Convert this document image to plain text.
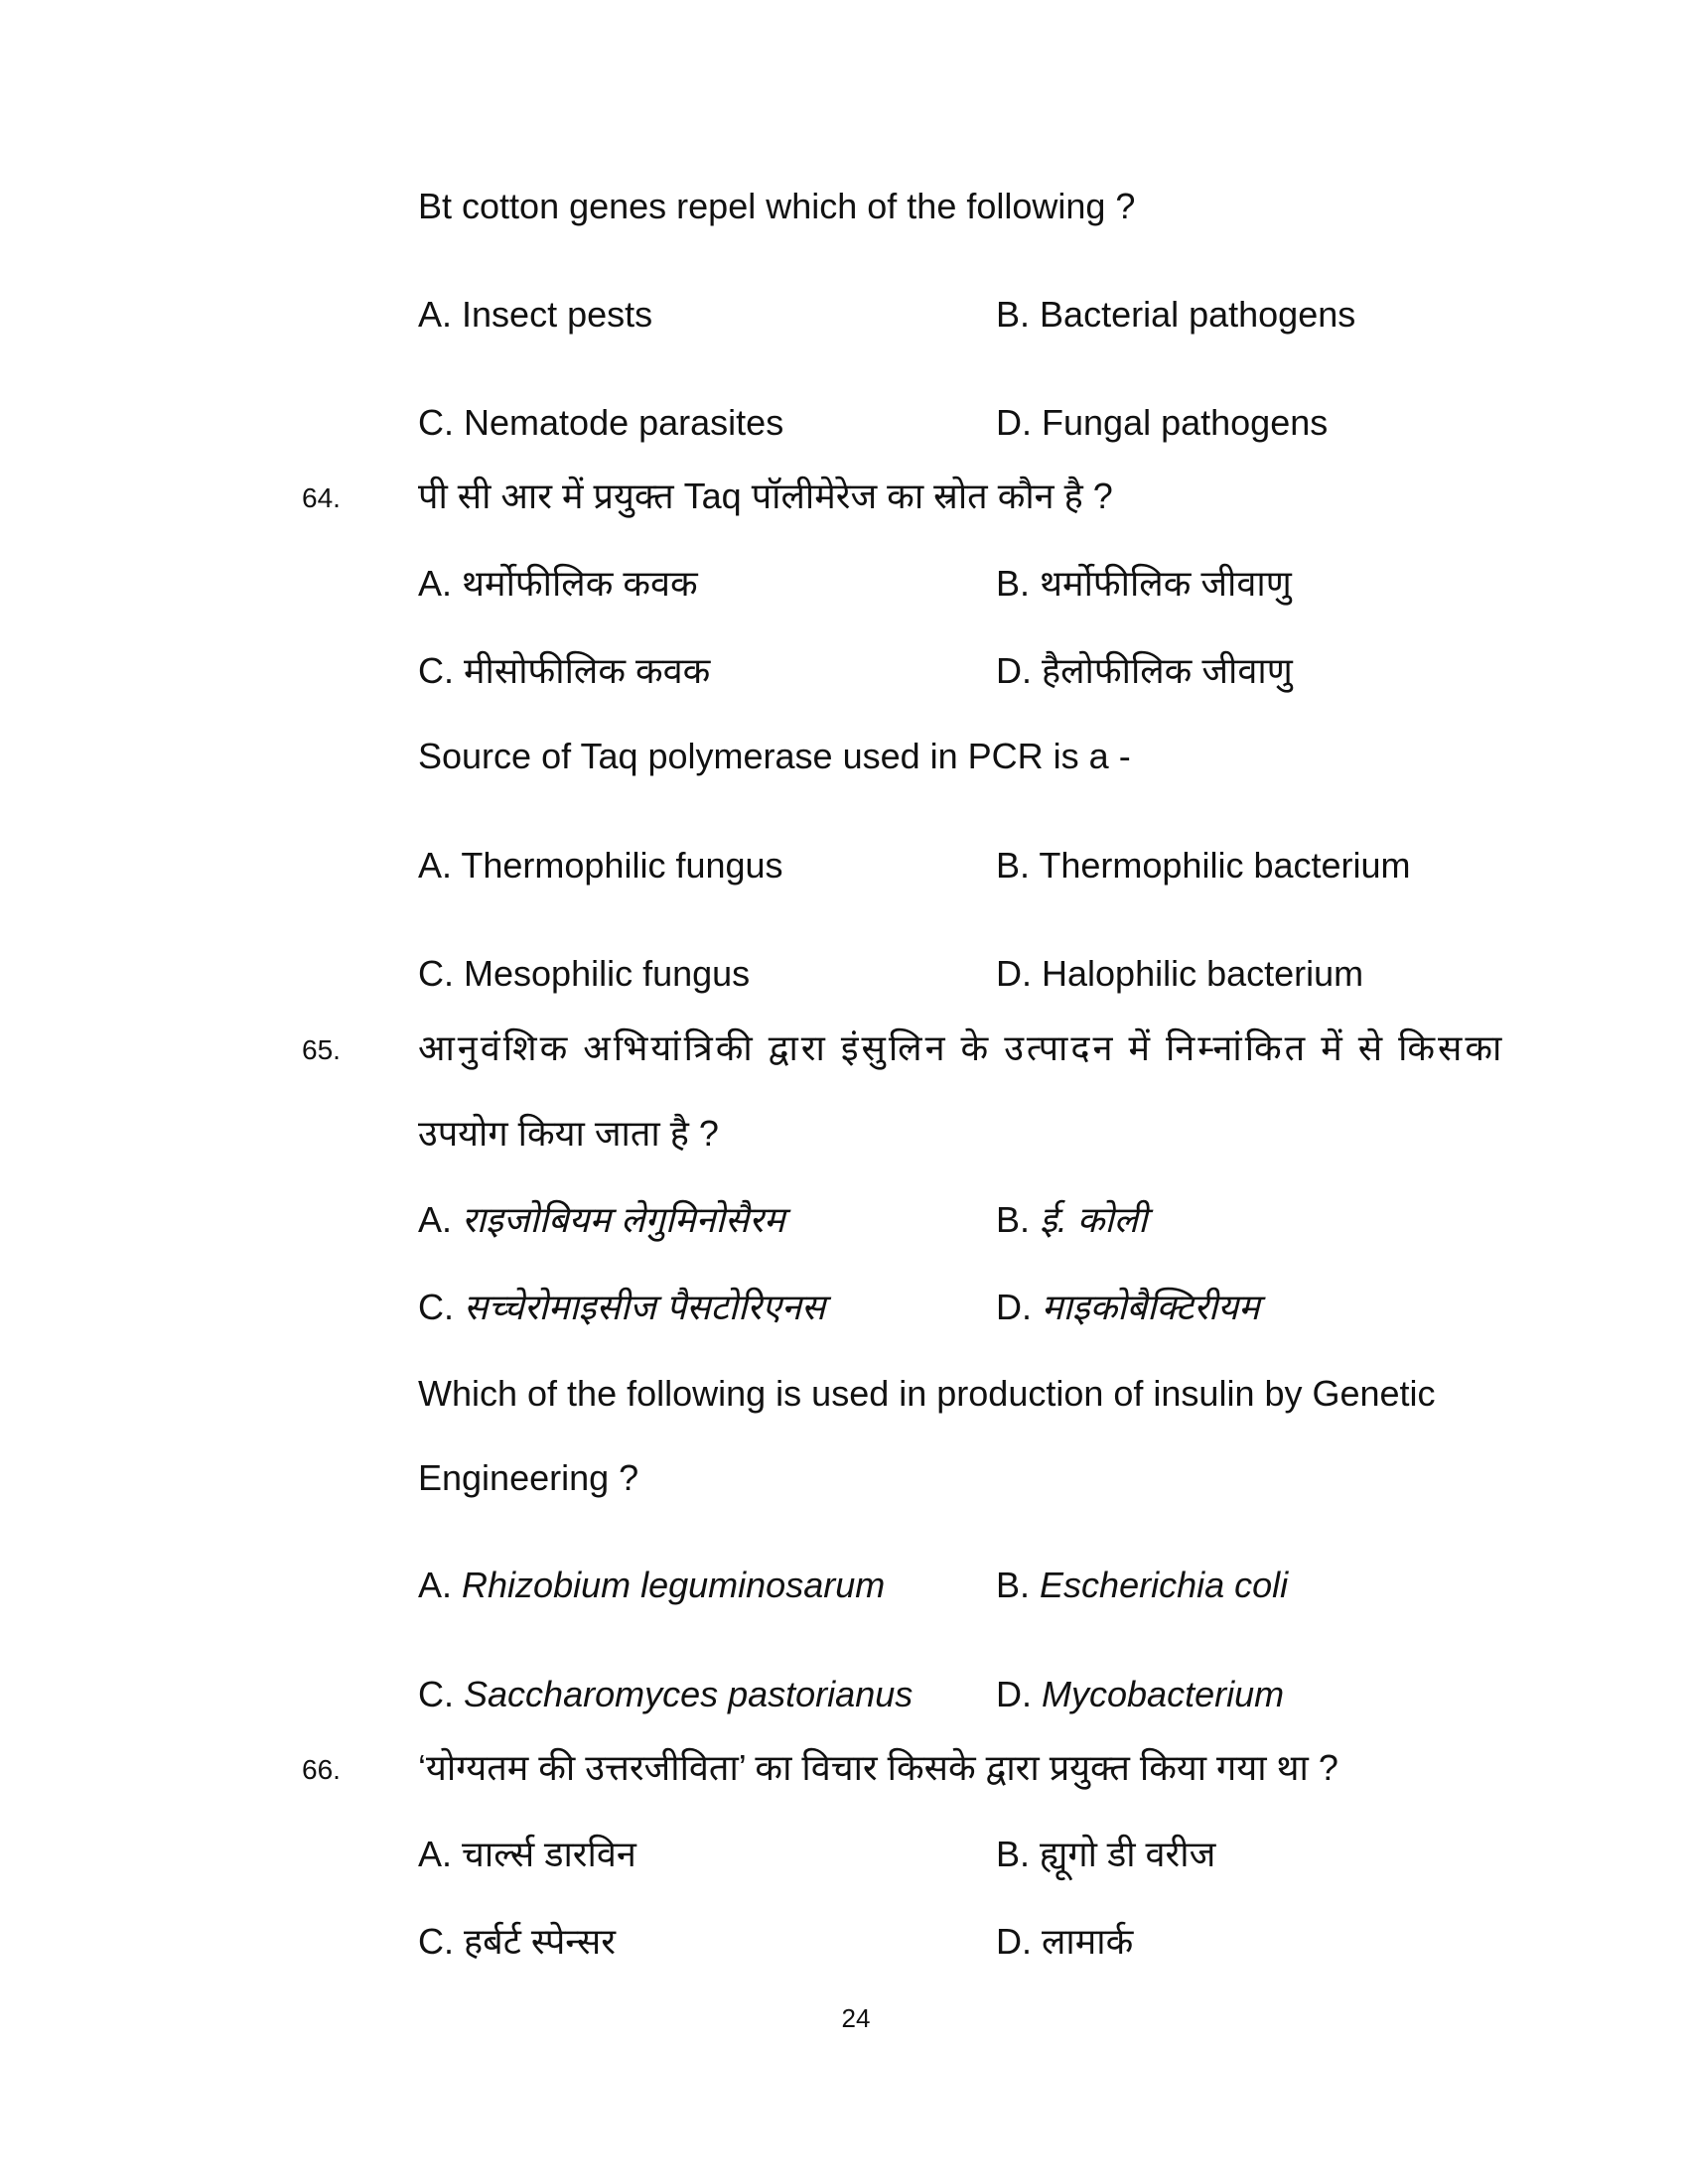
Bt cotton genes repel which of the following ?
A. Insect pests	B. Bacterial pathogens
C. Nematode parasites	D. Fungal pathogens
64. पी सी आर में प्रयुक्त Taq पॉलीमेरेज का स्रोत कौन है ?
A. थर्मोफीलिक कवक	B. थर्मोफीलिक जीवाणु
C. मीसोफीलिक कवक	D. हैलोफीलिक जीवाणु
Source of Taq polymerase used in PCR is a -
A. Thermophilic fungus	B. Thermophilic bacterium
C. Mesophilic fungus	D. Halophilic bacterium
65. आनुवंशिक अभियांत्रिकी द्वारा इंसुलिन के उत्पादन में निम्नांकित में से किसका
उपयोग किया जाता है ?
A. राइजोबियम लेगुमिनोसैरम	B. ई. कोली
C. सच्चेरोमाइसीज पैसटोरिएनस	D. माइकोबैक्टिरीयम
Which of the following is used in production of insulin by Genetic
Engineering ?
A. Rhizobium leguminosarum	B. Escherichia coli
C. Saccharomyces pastorianus D. Mycobacterium
66. ‘योग्यतम की उत्तरजीविता’ का विचार किसके द्वारा प्रयुक्त किया गया था ?
A. चार्ल्स डारविन	B. ह्यूगो डी वरीज
C. हर्बर्ट स्पेन्सर	D. लामार्क
24
